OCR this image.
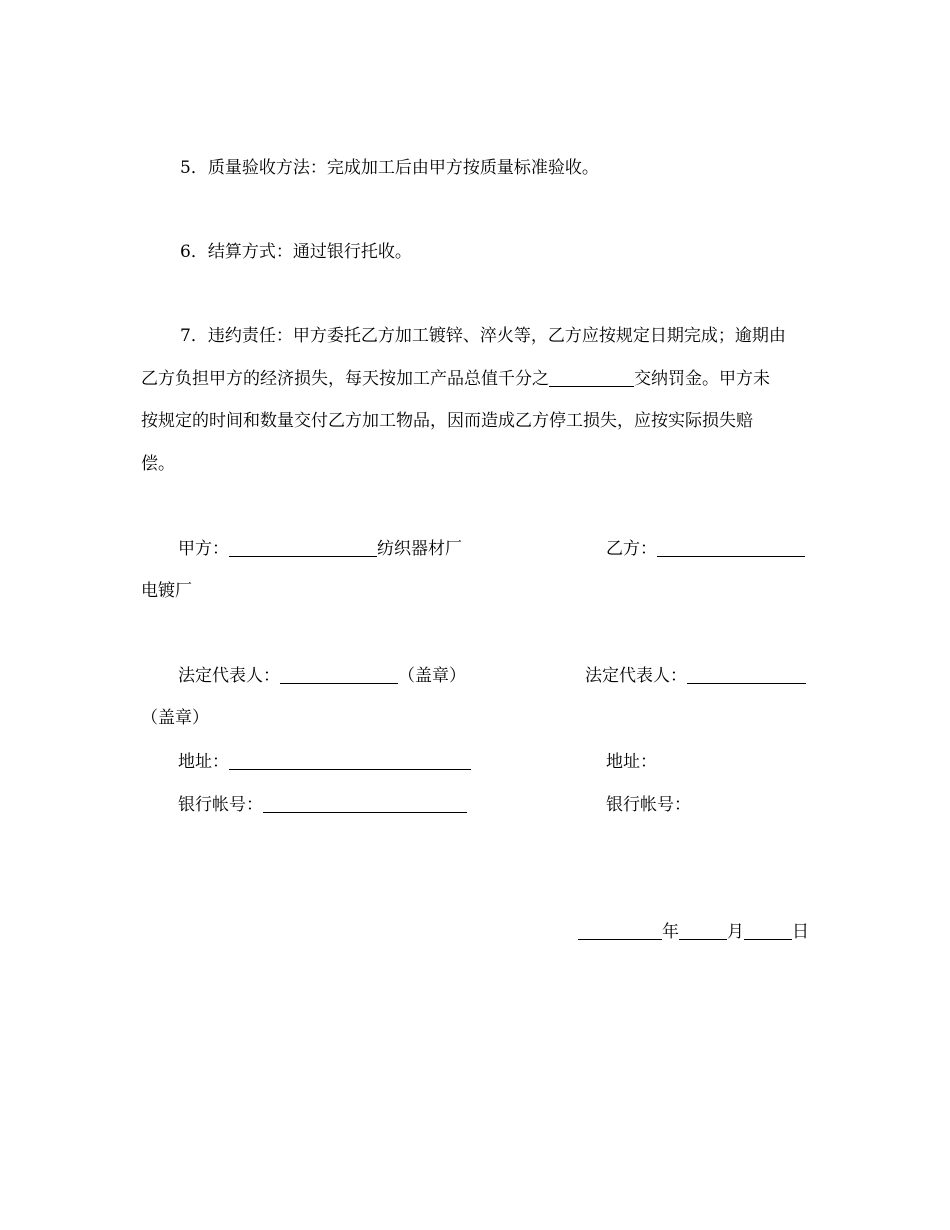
5．质量验收方法：完成加工后由甲方按质量标准验收。
6．结算方式：通过银行托收。
7．违约责任：甲方委托乙方加工镀锌、淬火等，乙方应按规定日期完成；逾期由
乙方负担甲方的经济损失，每天按加工产品总值千分之	交纳罚金。甲方未
按规定的时间和数量交付乙方加工物品，因而造成乙方停工损失，应按实际损失赔
偿。
甲方：	纺织器材厂	乙方：
电镀厂
法定代表人：	（盖章）	法定代表人：
（盖章）
地址：	地址：
银行帐号：	银行帐号：
年	月	日
